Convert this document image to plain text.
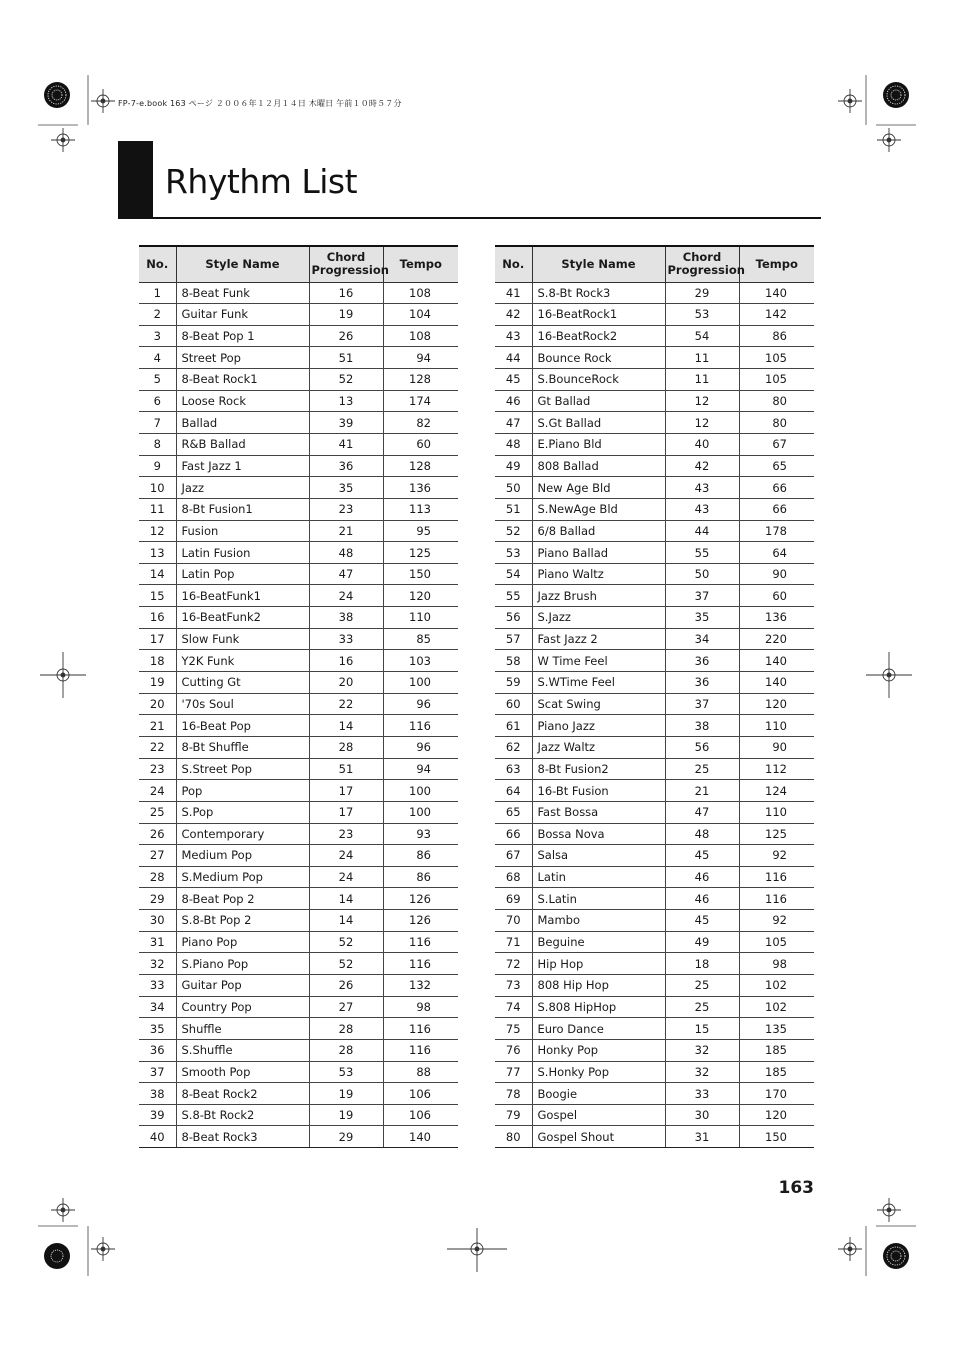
FP-7-e.book 163 ページ ２００６年１２月１４日 木曜日 午前１０時５７分
Rhythm List
No.	Style Name	Chord
Progression	Tempo
1	8-Beat Funk	16	108
2	Guitar Funk	19	104
3	8-Beat Pop 1	26	108
4	Street Pop	51	94
5	8-Beat Rock1	52	128
6	Loose Rock	13	174
7	Ballad	39	82
8	R&B Ballad	41	60
9	Fast Jazz 1	36	128
10	Jazz	35	136
11	8-Bt Fusion1	23	113
12	Fusion	21	95
13	Latin Fusion	48	125
14	Latin Pop	47	150
15	16-BeatFunk1	24	120
16	16-BeatFunk2	38	110
17	Slow Funk	33	85
18	Y2K Funk	16	103
19	Cutting Gt	20	100
20	'70s Soul	22	96
21	16-Beat Pop	14	116
22	8-Bt Shuffle	28	96
23	S.Street Pop	51	94
24	Pop	17	100
25	S.Pop	17	100
26	Contemporary	23	93
27	Medium Pop	24	86
28	S.Medium Pop	24	86
29	8-Beat Pop 2	14	126
30	S.8-Bt Pop 2	14	126
31	Piano Pop	52	116
32	S.Piano Pop	52	116
33	Guitar Pop	26	132
34	Country Pop	27	98
35	Shuffle	28	116
36	S.Shuffle	28	116
37	Smooth Pop	53	88
38	8-Beat Rock2	19	106
39	S.8-Bt Rock2	19	106
40	8-Beat Rock3	29	140
No.	Style Name	Chord
Progression	Tempo
41	S.8-Bt Rock3	29	140
42	16-BeatRock1	53	142
43	16-BeatRock2	54	86
44	Bounce Rock	11	105
45	S.BounceRock	11	105
46	Gt Ballad	12	80
47	S.Gt Ballad	12	80
48	E.Piano Bld	40	67
49	808 Ballad	42	65
50	New Age Bld	43	66
51	S.NewAge Bld	43	66
52	6/8 Ballad	44	178
53	Piano Ballad	55	64
54	Piano Waltz	50	90
55	Jazz Brush	37	60
56	S.Jazz	35	136
57	Fast Jazz 2	34	220
58	W Time Feel	36	140
59	S.WTime Feel	36	140
60	Scat Swing	37	120
61	Piano Jazz	38	110
62	Jazz Waltz	56	90
63	8-Bt Fusion2	25	112
64	16-Bt Fusion	21	124
65	Fast Bossa	47	110
66	Bossa Nova	48	125
67	Salsa	45	92
68	Latin	46	116
69	S.Latin	46	116
70	Mambo	45	92
71	Beguine	49	105
72	Hip Hop	18	98
73	808 Hip Hop	25	102
74	S.808 HipHop	25	102
75	Euro Dance	15	135
76	Honky Pop	32	185
77	S.Honky Pop	32	185
78	Boogie	33	170
79	Gospel	30	120
80	Gospel Shout	31	150
163
